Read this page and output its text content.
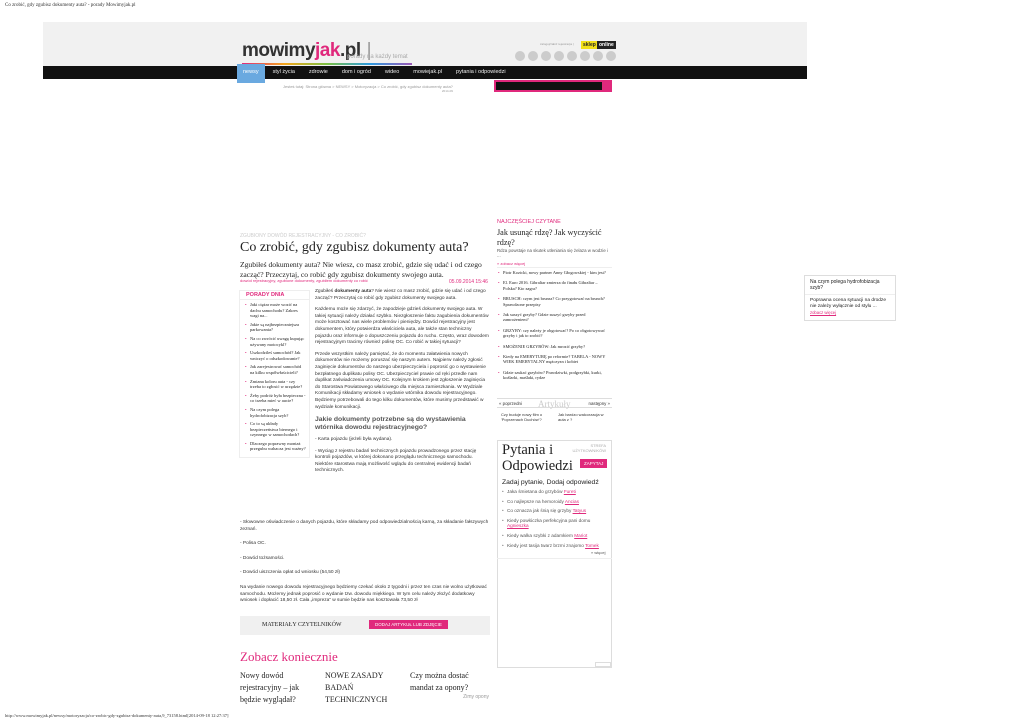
Co zrobić, gdy zgubisz dokumenty auta? - porady Mowimyjak.pl
mowimyjak.pl |
porady na każdy temat
zaloguj/załóż rejestracja |	sklep online
newsy	styl życia	zdrowie	dom i ogród	wideo	mowiejak.pl	pytania i odpowiedzi
Jesteś tutaj: Strona główna > NEWSY > Motoryzacja > Co zrobić, gdy zgubisz dokumenty auta?
2014-09
ZGUBIONY DOWÓD REJESTRACYJNY - CO ZROBIĆ?
Co zrobić, gdy zgubisz dokumenty auta?
Zgubiłeś dokumenty auta? Nie wiesz, co masz zrobić, gdzie się udać i od czego zacząć? Przeczytaj, co robić gdy zgubisz dokumenty swojego auta.
dowód rejestracyjny, zgubione dokumenty, zgubiłem dokumenty co robić	05.09.2014 15:46
PORADY DNIA
• Jaki ciężar może wozić na dachu samochodu? Zakres wagi na...
• Jakie są najbezpieczniejsza parkowania?
• Na co zwrócić uwagę kupując używany motocykl?
• Uszkodzileś samochód? Jak wniczyć o odszkodowanie?
• Jak zarejestrować samochód na kilku współwłaścicieli?
• Zmiana koloru auta - czy trzeba to zgłosić w urzędzie?
• Żeby podróż była bezpieczna - co trzeba mieć w aucie?
• Na czym polega hydrofobizacja szyb?
• Co to są układy bezpieczeństwa biernego i czynnego w samochodach?
• Dlaczego poprawny montaż przegubu wahacza jest ważny?

Zgubiłeś dokumenty auta? Nie wiesz co masz zrobić, gdzie się udać i od czego zacząć? Przeczytaj co robić gdy zgubisz dokumenty swojego auta.

Każdemu może się zdarzyć, że zapodzieje gdzieś dokumenty swojego auta. W takiej sytuacji należy działać szybko. Niezgłoszenie faktu zagubienia dokumentów może kosztować nas wiele problemów i pieniędzy. Dowód rejestracyjny jest dokumentem, który potwierdza właściciela auta, ale także stan techniczny pojazdu oraz informuje o dopuszczeniu pojazdu do ruchu. Często, wraz dowodem rejestracyjnym tracimy również polisę OC. Co robić w takiej sytuacji?

Przede wszystkim należy pamiętać, że do momentu załatwienia nowych dokumentów nie możemy poruszać się naszym autem. Najpierw należy zgłosić zaginięcie dokumentów do naszego ubezpieczyciela i poprosić go o wystawienie bezpłatnego duplikatu polisy OC. Ubezpieczyciel prawie od ręki przedle nam duplikat zaświadczenia umowy OC. Kolejnym krokiem jest zgłoszenie zaginięcia do Starostwa Powiatowego właściwego dla miejsca zamieszkania. W Wydziale Komunikacji składamy wniosek o wydanie wtórnika dowodu rejestracyjnego. Będziemy potrzebowali do tego kilku dokumentów, które musimy przedstawić w wydziale komunikacji.

Jakie dokumenty potrzebne są do wystawienia wtórnika dowodu rejestracyjnego?

- Karta pojazdu (jeżeli była wydana).

- Wyciąg z rejestru badań technicznych pojazdu prowadzonego przez stację kontroli pojazdów, w której dokonano przeglądu technicznego samochodu. Niektóre starostwa mają możliwość wglądu do centralnej ewidencji badań technicznych.

- Słowowne oświadczenie o danych pojazdu, które składamy pod odpowiedzialnością karną, za składanie fałszywych zeznań.

- Polisa OC.

- Dowód tożsamości.

- Dowód uiszczenia opłat od wniosku (54,50 zł)

Na wydanie nowego dowodu rejestracyjnego będziemy czekać około 2 tygodni i przez ten czas nie wolno użytkować samochodu. Możemy jednak poprosić o wydanie tzw. dowodu miękkiego. W tym celu należy złożyć dodatkowy wniosek i dopłacić 18,50 zł. Cała „impreza” w sumie będzie nas kosztowała 73,50 zł

MATERIAŁY CZYTELNIKÓW	DODAJ ARTYKUŁ LUB ZDJĘCIE
Zobacz koniecznie
Nowy dowód rejestracyjny – jak będzie wyglądał?
NOWE ZASADY BADAŃ TECHNICZNYCH
Czy można dostać mandat za opony?
Zimy opony
NAJCZĘŚCIEJ CZYTANE
Jak usunąć rdzę? Jak wyczyścić rdzę?
Rdza powstaje na skutek utleniania się żelaza w wodzie i ...
» zobacz więcej
• Piotr Kozicki, nowy partner Anny Głogowskiej - kim jest?
• El. Euro 2016. Gibraltar zmierza do finału Gibraltar – Polska? Kto zagra?
• BRUSCH: czym jest brunsz? Co przygotować na brunch? Sprawdzone przepisy
• Jak suszyć grzyby? Gdzie suszyć grzyby przed zamrożeniem?
• GRZYBY: czy należy je obgotować? Po co obgotowywać grzyby i jak to zrobić?
• SMOŻENIE GRZYBÓW: Jak mrozić grzyby?
• Kiedy na EMERYTURĘ po reformie? TABELA - NOWY WIEK EMERYTALNY mężczyzn i kobiet
• Gdzie szukać grzybów? Prawdziwki, podgrzybki, kurki, koźlarki, maślaki, rydze
« poprzedni Artykuły	następny »
Czy buduje nowy film o 'Poprzenach Duchów'?
Jak bardzo walcorzacja w auta z ?
Pytania i
Odpowiedzi
STREFA UŻYTKOWNIKÓW
ZAPYTAJ
Zadaj pytanie, Dodaj odpowiedź
• Jaka śmietana do grzybów Fureti
• Co najlepsze na hemoroidy Ancias
• Co oznacza jak śnią się grzyby Tatyus
• Kiedy powłóczka perfekcyjna pani domu Agnieszka
• Kiedy walka szybki z adamkiem Mariot
• Kiedy jest tasija twarz brzmi znajomo Tomek
» więcej
Na czym polega hydrofobizacja szyb?
Poprawna ocena sytuacji na drodze nie zależy wyłącznie od stylu ...
zobacz więcej
http://www.mowimyjak.pl/newsy/motoryzacja/co-zrobic-gdy-zgubisz-dokumenty-auta,9_73158.html[2014-09-18 12:27:37]
